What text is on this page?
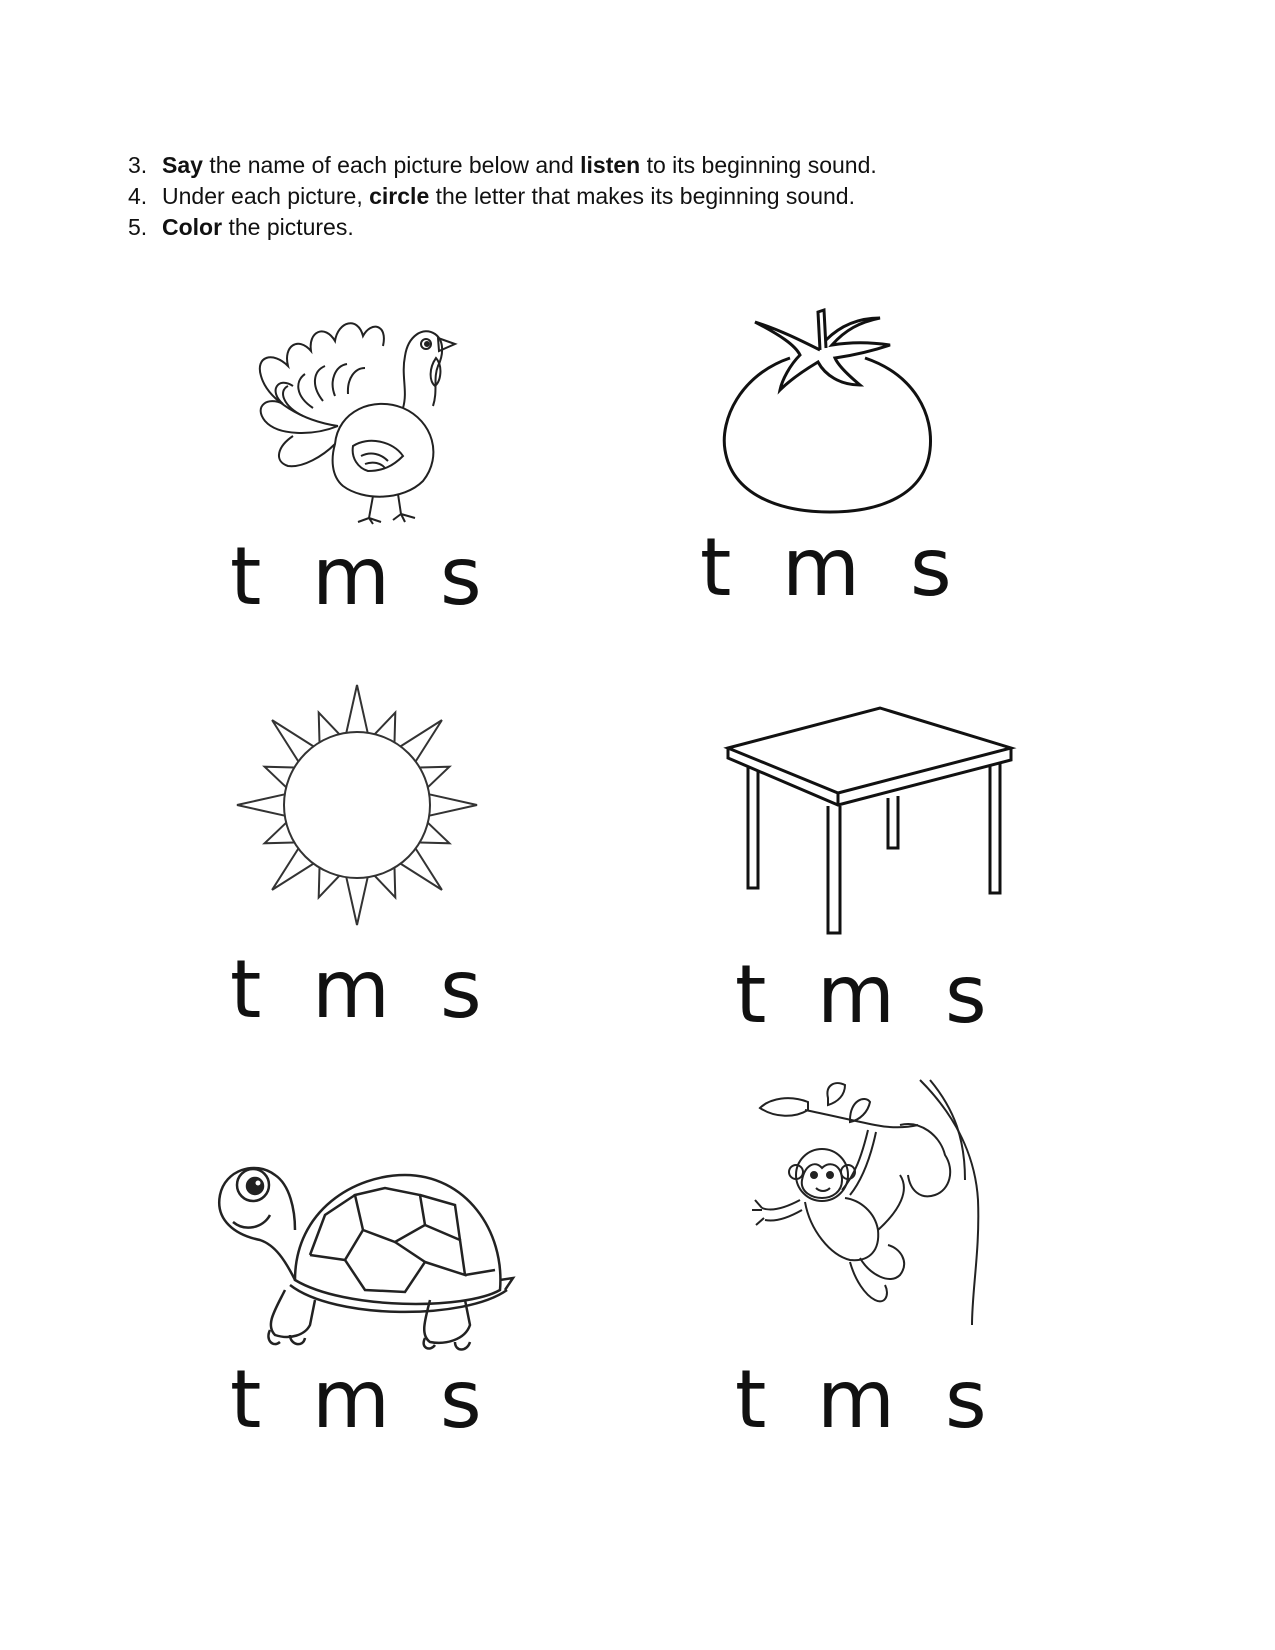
3. Say the name of each picture below and listen to its beginning sound.
4. Under each picture, circle the letter that makes its beginning sound.
5. Color the pictures.
t m s	t m s
t m s	t m s
t m s	t m s
